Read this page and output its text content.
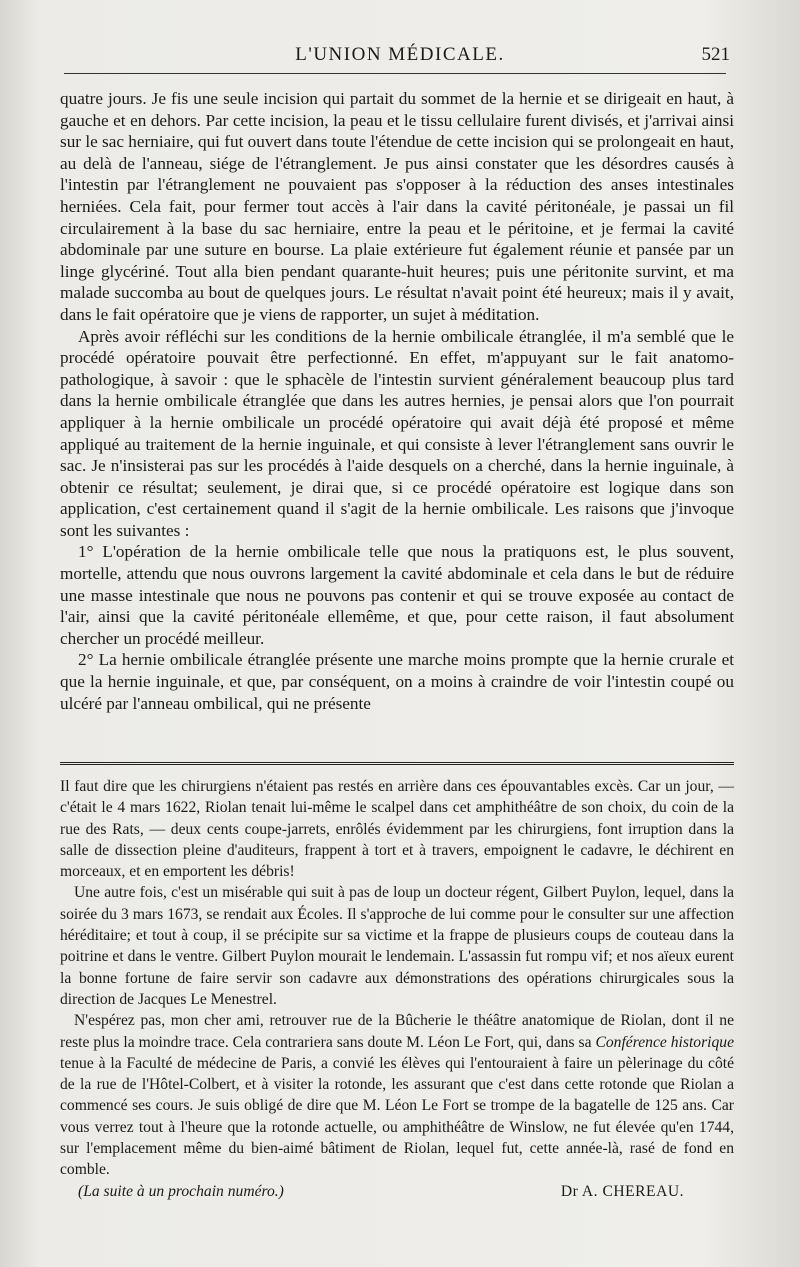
L'UNION MÉDICALE.	521

quatre jours. Je fis une seule incision qui partait du sommet de la hernie et se dirigeait en haut, à gauche et en dehors. Par cette incision, la peau et le tissu cellulaire furent divisés, et j'arrivai ainsi sur le sac herniaire, qui fut ouvert dans toute l'étendue de cette incision qui se prolongeait en haut, au delà de l'anneau, siége de l'étranglement. Je pus ainsi constater que les désordres causés à l'intestin par l'étranglement ne pouvaient pas s'opposer à la réduction des anses intestinales herniées. Cela fait, pour fermer tout accès à l'air dans la cavité péritonéale, je passai un fil circulairement à la base du sac herniaire, entre la peau et le péritoine, et je fermai la cavité abdominale par une suture en bourse. La plaie extérieure fut également réunie et pansée par un linge glycériné. Tout alla bien pendant quarante-huit heures; puis une péritonite survint, et ma malade succomba au bout de quelques jours. Le résultat n'avait point été heureux; mais il y avait, dans le fait opératoire que je viens de rapporter, un sujet à méditation.

Après avoir réfléchi sur les conditions de la hernie ombilicale étranglée, il m'a semblé que le procédé opératoire pouvait être perfectionné. En effet, m'appuyant sur le fait anatomo-pathologique, à savoir : que le sphacèle de l'intestin survient généralement beaucoup plus tard dans la hernie ombilicale étranglée que dans les autres hernies, je pensai alors que l'on pourrait appliquer à la hernie ombilicale un procédé opératoire qui avait déjà été proposé et même appliqué au traitement de la hernie inguinale, et qui consiste à lever l'étranglement sans ouvrir le sac. Je n'insisterai pas sur les procédés à l'aide desquels on a cherché, dans la hernie inguinale, à obtenir ce résultat; seulement, je dirai que, si ce procédé opératoire est logique dans son application, c'est certainement quand il s'agit de la hernie ombilicale. Les raisons que j'invoque sont les suivantes :

1° L'opération de la hernie ombilicale telle que nous la pratiquons est, le plus souvent, mortelle, attendu que nous ouvrons largement la cavité abdominale et cela dans le but de réduire une masse intestinale que nous ne pouvons pas contenir et qui se trouve exposée au contact de l'air, ainsi que la cavité péritonéale ellemême, et que, pour cette raison, il faut absolument chercher un procédé meilleur.

2° La hernie ombilicale étranglée présente une marche moins prompte que la hernie crurale et que la hernie inguinale, et que, par conséquent, on a moins à craindre de voir l'intestin coupé ou ulcéré par l'anneau ombilical, qui ne présente

Il faut dire que les chirurgiens n'étaient pas restés en arrière dans ces épouvantables excès. Car un jour, — c'était le 4 mars 1622, Riolan tenait lui-même le scalpel dans cet amphithéâtre de son choix, du coin de la rue des Rats, — deux cents coupe-jarrets, enrôlés évidemment par les chirurgiens, font irruption dans la salle de dissection pleine d'auditeurs, frappent à tort et à travers, empoignent le cadavre, le déchirent en morceaux, et en emportent les débris!

Une autre fois, c'est un misérable qui suit à pas de loup un docteur régent, Gilbert Puylon, lequel, dans la soirée du 3 mars 1673, se rendait aux Écoles. Il s'approche de lui comme pour le consulter sur une affection héréditaire; et tout à coup, il se précipite sur sa victime et la frappe de plusieurs coups de couteau dans la poitrine et dans le ventre. Gilbert Puylon mourait le lendemain. L'assassin fut rompu vif; et nos aïeux eurent la bonne fortune de faire servir son cadavre aux démonstrations des opérations chirurgicales sous la direction de Jacques Le Menestrel.

N'espérez pas, mon cher ami, retrouver rue de la Bûcherie le théâtre anatomique de Riolan, dont il ne reste plus la moindre trace. Cela contrariera sans doute M. Léon Le Fort, qui, dans sa Conférence historique tenue à la Faculté de médecine de Paris, a convié les élèves qui l'entouraient à faire un pèlerinage du côté de la rue de l'Hôtel-Colbert, et à visiter la rotonde, les assurant que c'est dans cette rotonde que Riolan a commencé ses cours. Je suis obligé de dire que M. Léon Le Fort se trompe de la bagatelle de 125 ans. Car vous verrez tout à l'heure que la rotonde actuelle, ou amphithéâtre de Winslow, ne fut élevée qu'en 1744, sur l'emplacement même du bien-aimé bâtiment de Riolan, lequel fut, cette année-là, rasé de fond en comble.

(La suite à un prochain numéro.)	Dr A. CHEREAU.
